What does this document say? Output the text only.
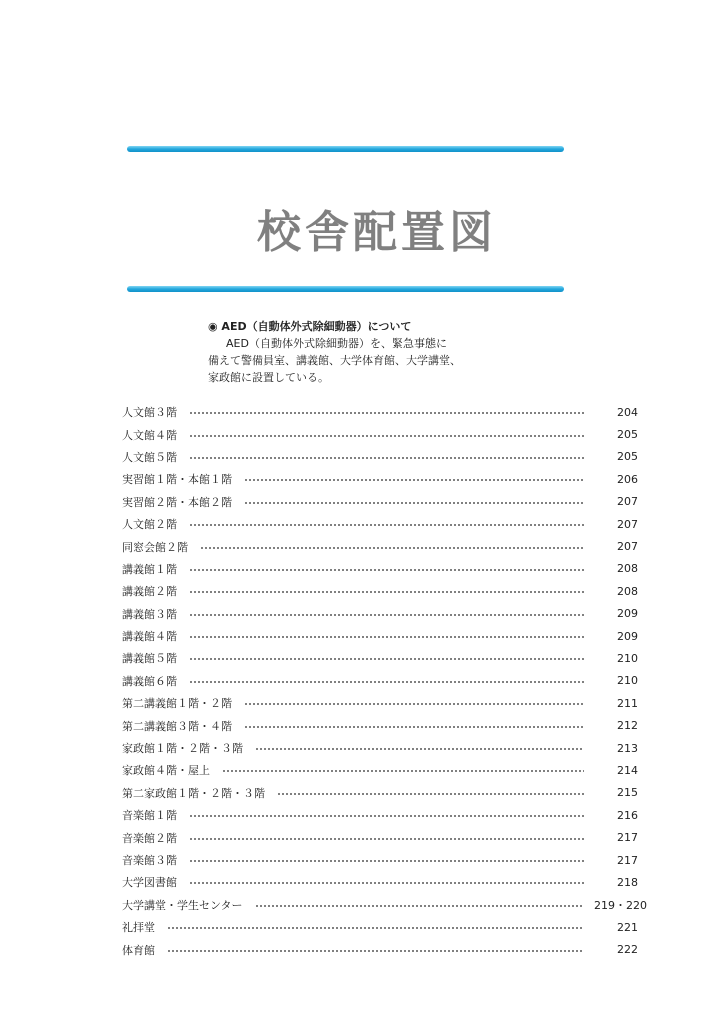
校舎配置図
◉ AED（自動体外式除細動器）について
AED（自動体外式除細動器）を、緊急事態に
備えて警備員室、講義館、大学体育館、大学講堂、
家政館に設置している。
人文館３階	204
人文館４階	205
人文館５階	205
実習館１階・本館１階	206
実習館２階・本館２階	207
人文館２階	207
同窓会館２階	207
講義館１階	208
講義館２階	208
講義館３階	209
講義館４階	209
講義館５階	210
講義館６階	210
第二講義館１階・２階	211
第二講義館３階・４階	212
家政館１階・２階・３階	213
家政館４階・屋上	214
第二家政館１階・２階・３階	215
音楽館１階	216
音楽館２階	217
音楽館３階	217
大学図書館	218
大学講堂・学生センター	219・220
礼拝堂	221
体育館	222
